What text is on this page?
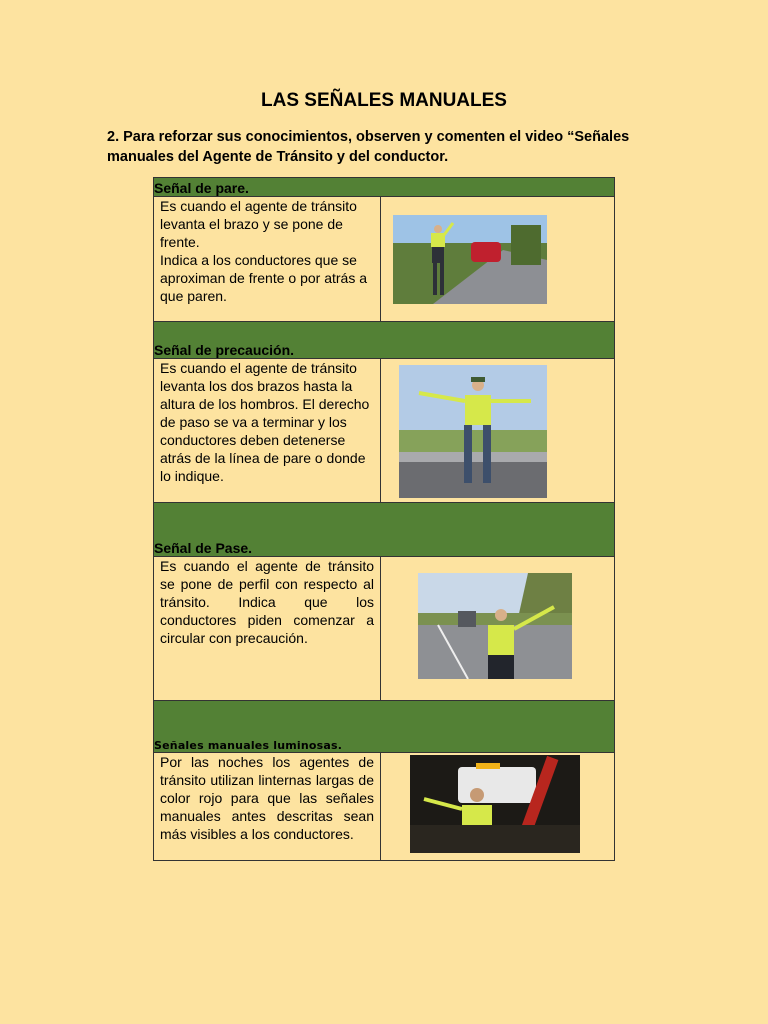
LAS SEÑALES MANUALES
2. Para reforzar sus conocimientos, observen y comenten el video “Señales manuales del Agente de Tránsito y del conductor.
Señal de pare.	

Es cuando el agente de tránsito levanta el brazo y se pone de frente.
Indica a los conductores que se aproximan de frente o por atrás a que paren.

Señal de precaución.	

Es cuando el agente de tránsito levanta los dos brazos hasta la altura de los hombros. El derecho de paso se va a terminar y los conductores deben detenerse atrás de la línea de pare o donde lo indique.

Señal de Pase.	

Es cuando el agente de tránsito se pone de perfil con respecto al tránsito. Indica que los conductores piden comenzar a circular con precaución.

Señales manuales luminosas.	

Por las noches los agentes de tránsito utilizan linternas largas de color rojo para que las señales manuales antes descritas sean más visibles a los conductores.
